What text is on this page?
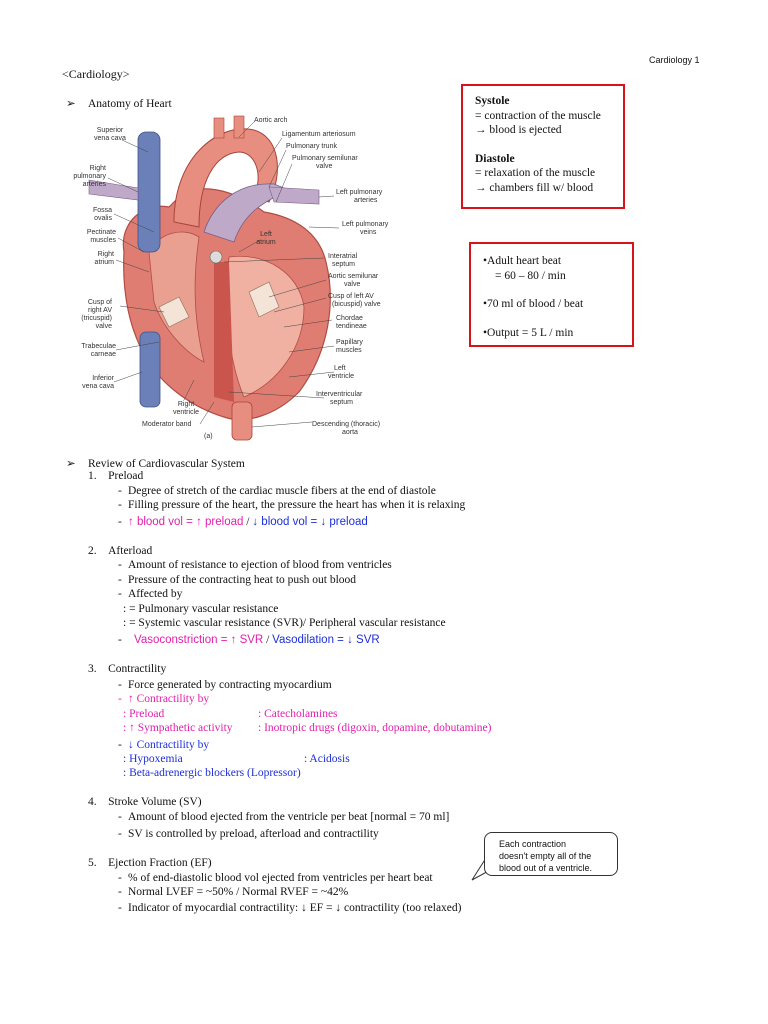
Cardiology 1
<Cardiology>
➢ Anatomy of Heart
Superior vena cava
Right pulmonary arteries
Fossa ovalis
Pectinate muscles
Right atrium
Cusp of right AV (tricuspid) valve
Trabeculae carneae
Inferior vena cava
Right ventricle
Moderator band
(a)
Aortic arch
Ligamentum arteriosum
Pulmonary trunk
Pulmonary semilunar valve
Left pulmonary arteries
Left pulmonary veins
Left atrium
Interatrial septum
Aortic semilunar valve
Cusp of left AV (bicuspid) valve
Chordae tendineae
Papillary muscles
Left ventricle
Interventricular septum
Descending (thoracic) aorta
Systole
= contraction of the muscle
→ blood is ejected
Diastole
= relaxation of the muscle
→ chambers fill w/ blood
•Adult heart beat
= 60 – 80 / min
•70 ml of blood / beat
•Output = 5 L / min
➢ Review of Cardiovascular System
1.    Preload
- Degree of stretch of the cardiac muscle fibers at the end of diastole
- Filling pressure of the heart, the pressure the heart has when it is relaxing
- ↑ blood vol = ↑ preload / ↓ blood vol = ↓ preload
2.    Afterload
- Amount of resistance to ejection of blood from ventricles
- Pressure of the contracting heat to push out blood
- Affected by
: = Pulmonary vascular resistance
: = Systemic vascular resistance (SVR)/ Peripheral vascular resistance
- Vasoconstriction = ↑ SVR / Vasodilation = ↓ SVR
3.    Contractility
- Force generated by contracting myocardium
- ↑ Contractility by
: Preload	: Catecholamines
: ↑ Sympathetic activity : Inotropic drugs (digoxin, dopamine, dobutamine)
- ↓ Contractility by
: Hypoxemia	: Acidosis
: Beta-adrenergic blockers (Lopressor)
4.    Stroke Volume (SV)
- Amount of blood ejected from the ventricle per beat [normal = 70 ml]
- SV is controlled by preload, afterload and contractility
5.    Ejection Fraction (EF)
- % of end-diastolic blood vol ejected from ventricles per heart beat
- Normal LVEF = ~50% / Normal RVEF = ~42%
- Indicator of myocardial contractility: ↓ EF = ↓ contractility (too relaxed)
Each contraction
doesn't empty all of the
blood out of a ventricle.
